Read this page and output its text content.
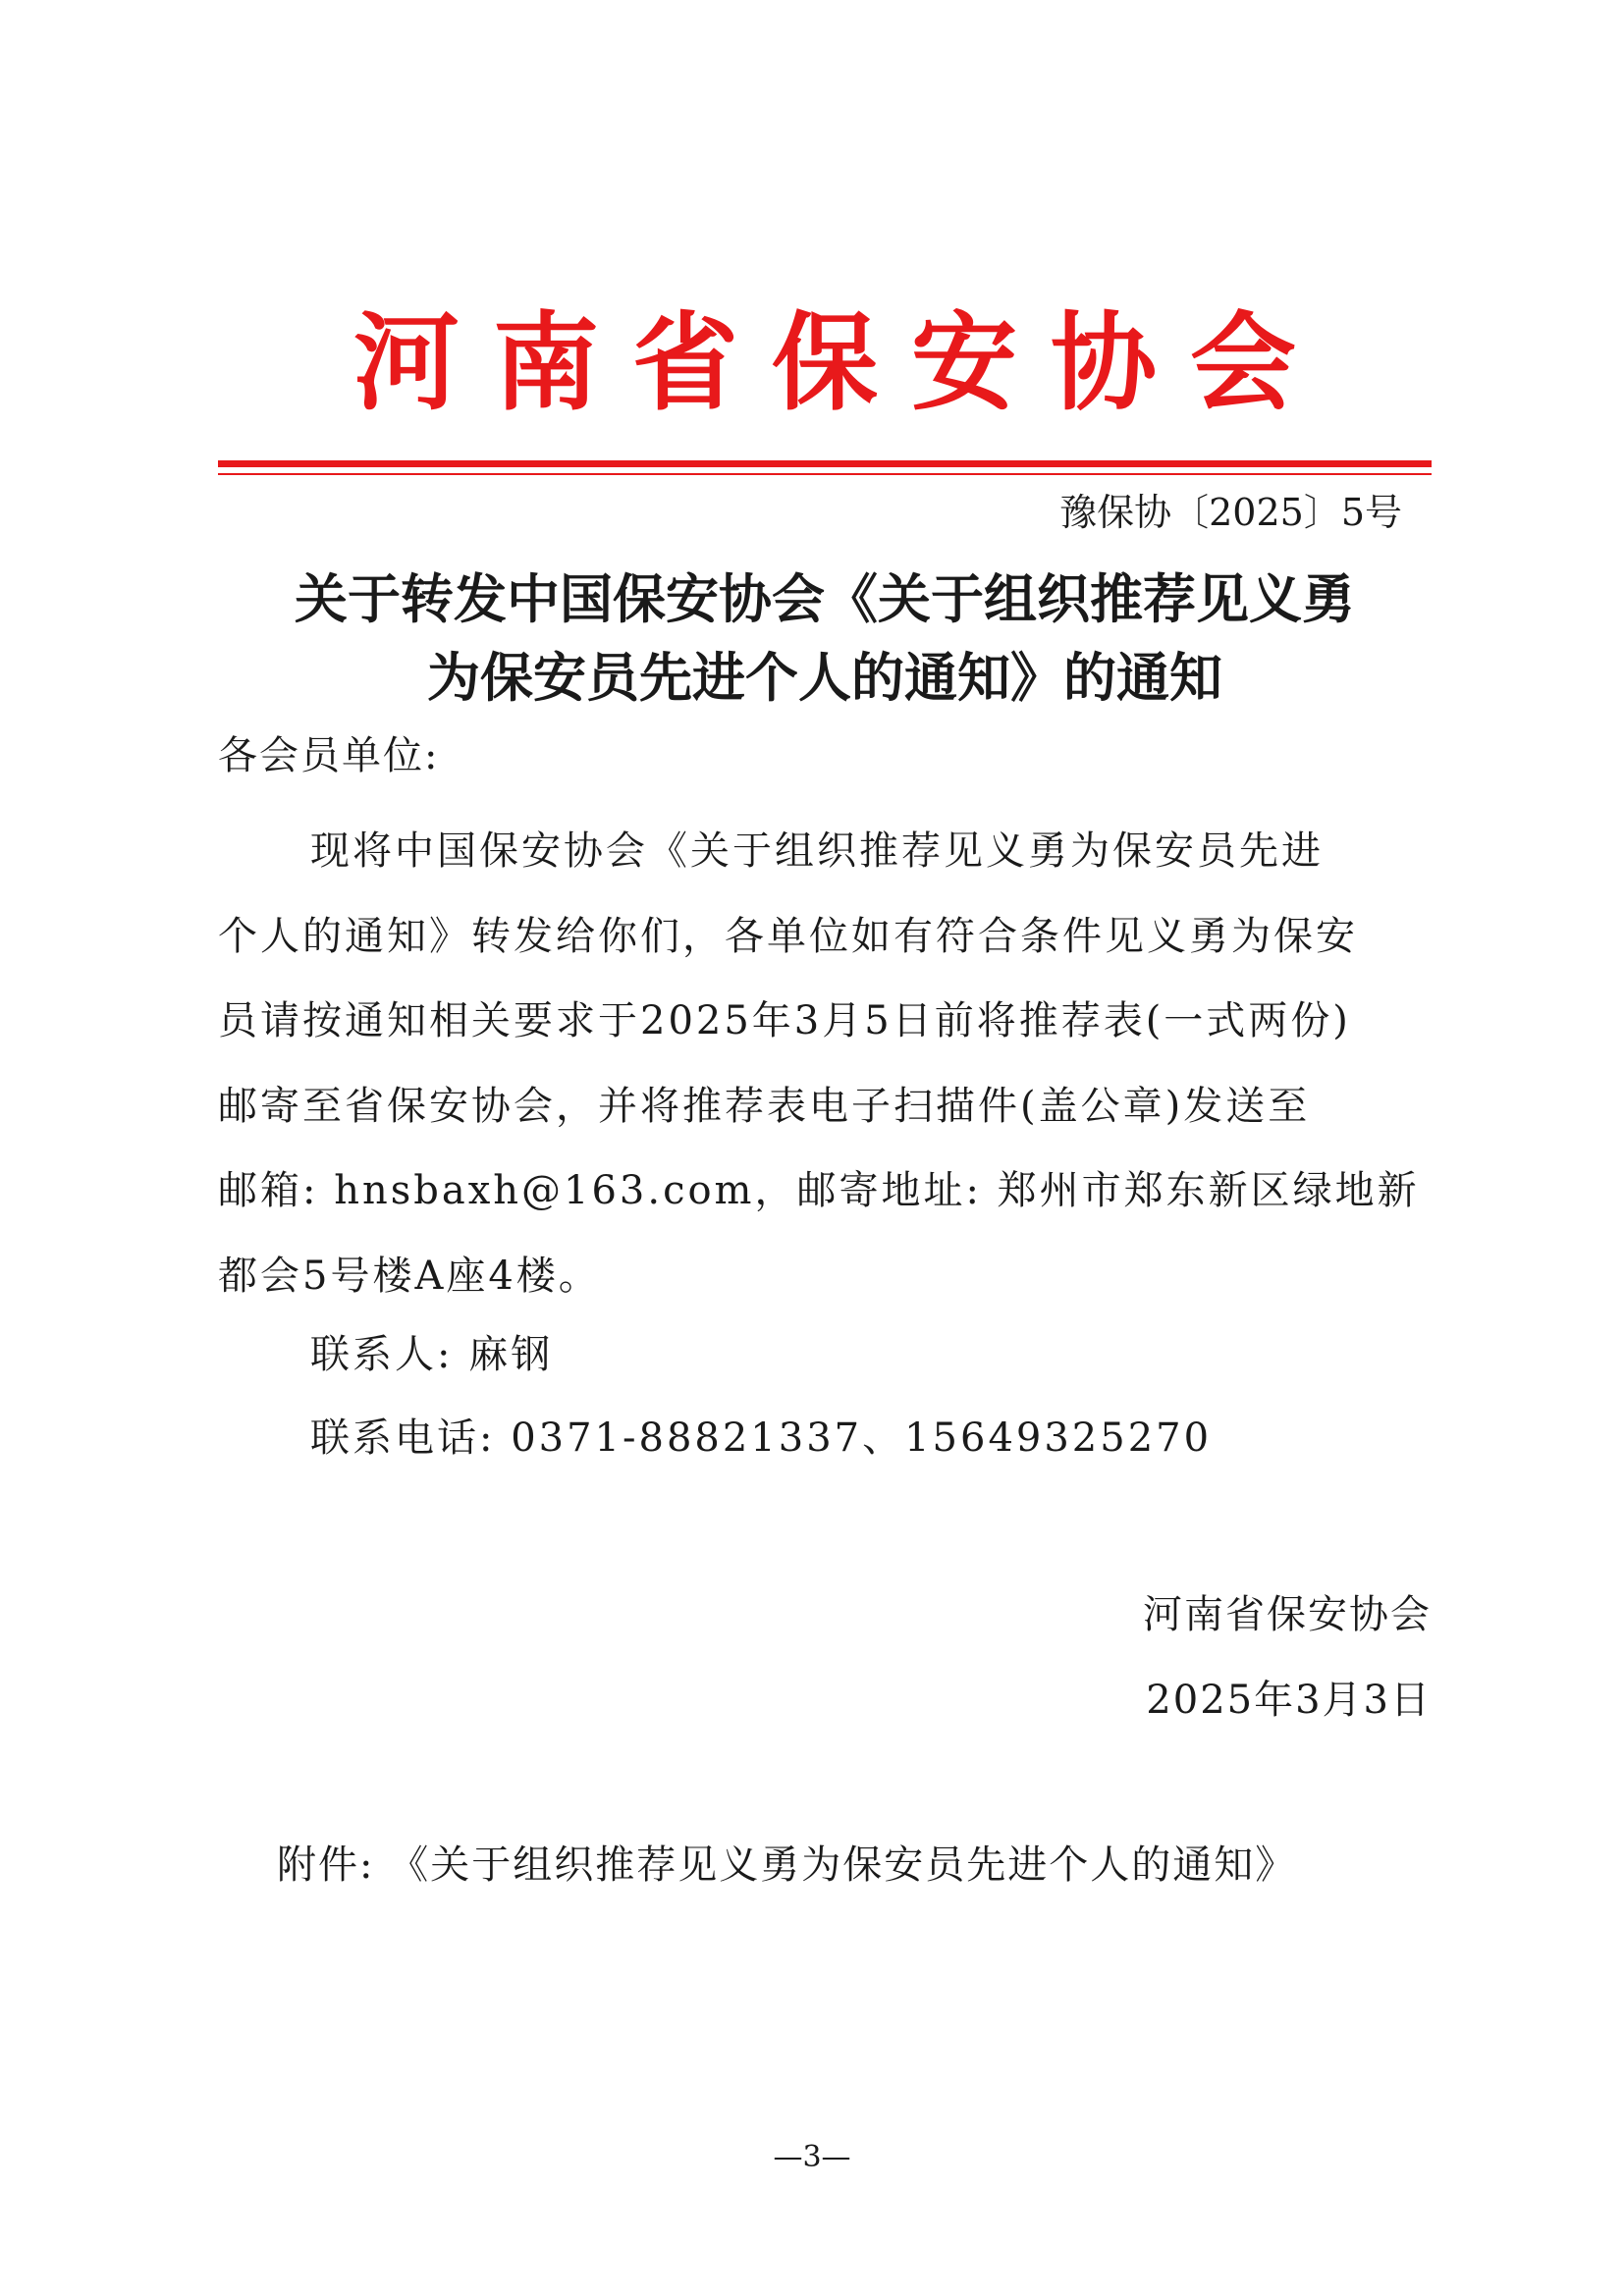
河南省保安协会
豫保协〔2025〕5号
关于转发中国保安协会《关于组织推荐见义勇
为保安员先进个人的通知》的通知
各会员单位:
现将中国保安协会《关于组织推荐见义勇为保安员先进
个人的通知》转发给你们，各单位如有符合条件见义勇为保安
员请按通知相关要求于2025年3月5日前将推荐表(一式两份)
邮寄至省保安协会，并将推荐表电子扫描件(盖公章)发送至
邮箱: hnsbaxh@163.com，邮寄地址: 郑州市郑东新区绿地新
都会5号楼A座4楼。
联系人: 麻钢
联系电话: 0371-88821337、15649325270
河南省保安协会
2025年3月3日
附件: 《关于组织推荐见义勇为保安员先进个人的通知》
—3—
